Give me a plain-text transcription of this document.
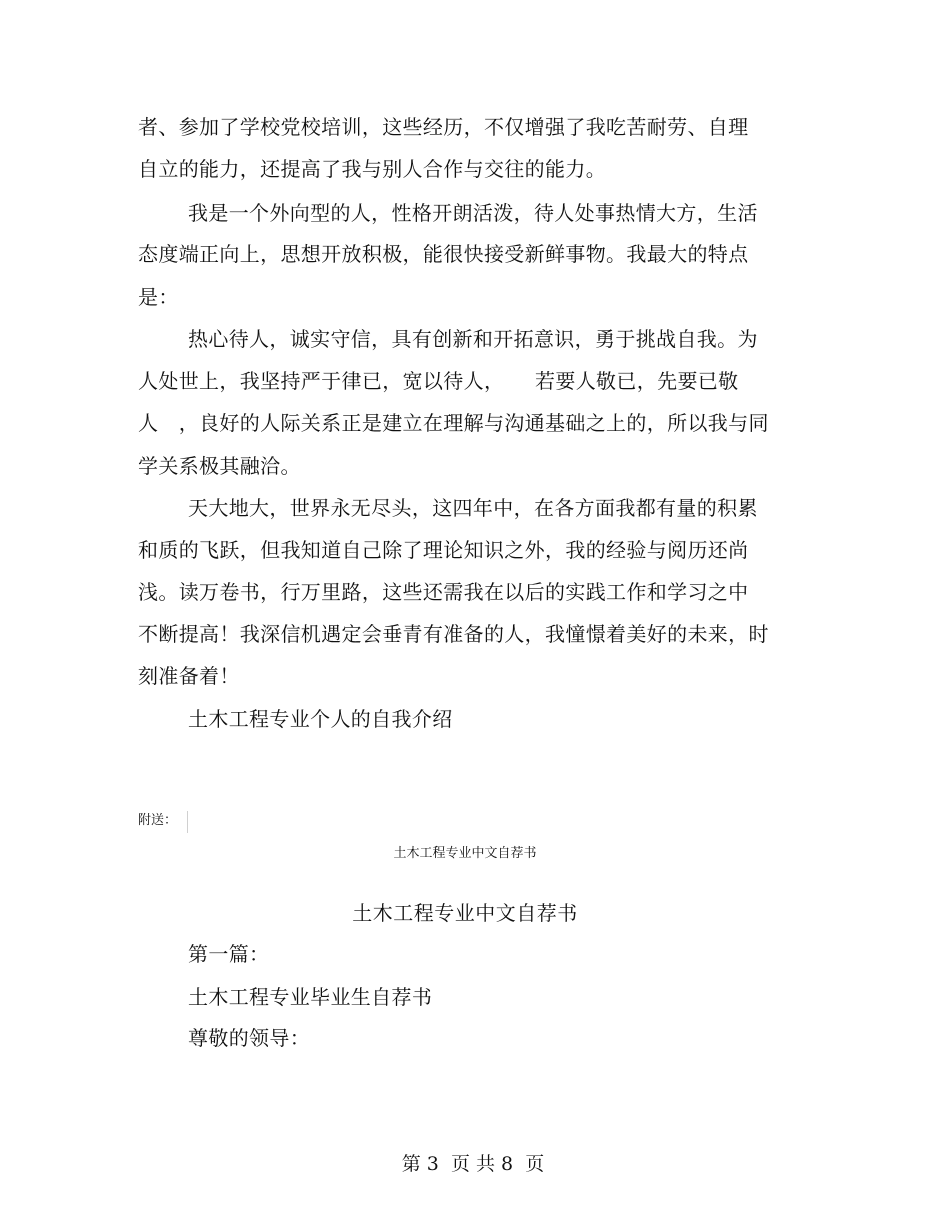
者、参加了学校党校培训，这些经历，不仅增强了我吃苦耐劳、自理
自立的能力，还提高了我与别人合作与交往的能力。
我是一个外向型的人，性格开朗活泼，待人处事热情大方，生活
态度端正向上，思想开放积极，能很快接受新鲜事物。我最大的特点
是：
热心待人，诚实守信，具有创新和开拓意识，勇于挑战自我。为
人处世上，我坚持严于律已，宽以待人，　　若要人敬已，先要已敬
人　，良好的人际关系正是建立在理解与沟通基础之上的，所以我与同
学关系极其融洽。
天大地大，世界永无尽头，这四年中，在各方面我都有量的积累
和质的飞跃，但我知道自己除了理论知识之外，我的经验与阅历还尚
浅。读万卷书，行万里路，这些还需我在以后的实践工作和学习之中
不断提高！我深信机遇定会垂青有准备的人，我憧憬着美好的未来，时
刻准备着！
土木工程专业个人的自我介绍
附送：
土木工程专业中文自荐书
土木工程专业中文自荐书
第一篇：
土木工程专业毕业生自荐书
尊敬的领导：
第 3  页 共 8  页
